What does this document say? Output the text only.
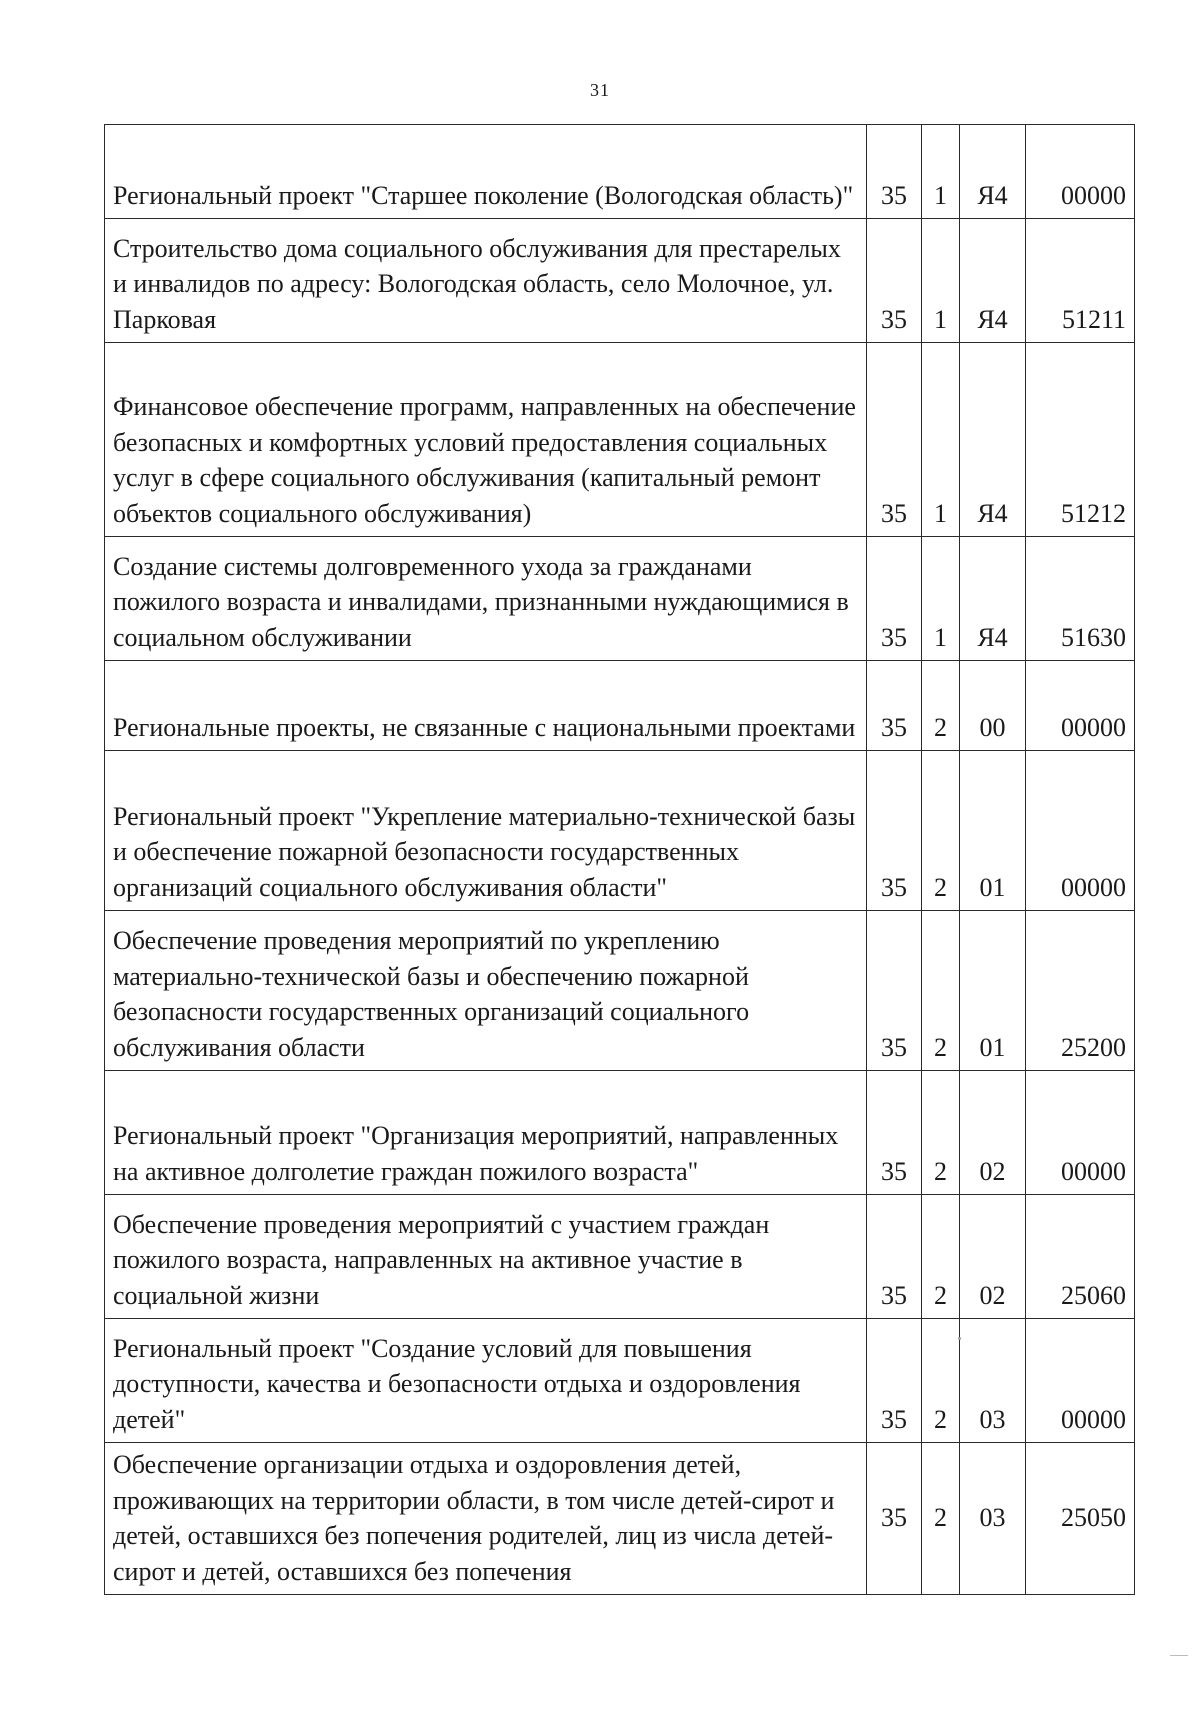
31
Региональный проект "Старшее поколение (Вологодская область)"	35	1	Я4	00000
Строительство дома социального обслуживания для престарелых и инвалидов по адресу: Вологодская область, село Молочное, ул. Парковая	35	1	Я4	51211
Финансовое обеспечение программ, направленных на обеспечение безопасных и комфортных условий предоставления социальных услуг в сфере социального обслуживания (капитальный ремонт объектов социального обслуживания)	35	1	Я4	51212
Создание системы долговременного ухода за гражданами пожилого возраста и инвалидами, признанными нуждающимися в социальном обслуживании	35	1	Я4	51630
Региональные проекты, не связанные с национальными проектами	35	2	00	00000
Региональный проект "Укрепление материально-технической базы и обеспечение пожарной безопасности государственных организаций социального обслуживания области"	35	2	01	00000
Обеспечение проведения мероприятий по укреплению материально-технической базы и обеспечению пожарной безопасности государственных организаций социального обслуживания области	35	2	01	25200
Региональный проект "Организация мероприятий, направленных на активное долголетие граждан пожилого возраста"	35	2	02	00000
Обеспечение проведения мероприятий с участием граждан пожилого возраста, направленных на активное участие в социальной жизни	35	2	02	25060
Региональный проект "Создание условий для повышения доступности, качества и безопасности отдыха и оздоровления детей"	35	2	03	00000
Обеспечение организации отдыха и оздоровления детей, проживающих на территории области, в том числе детей-сирот и детей, оставшихся без попечения родителей, лиц из числа детей-сирот и детей, оставшихся без попечения	35	2	03	25050
